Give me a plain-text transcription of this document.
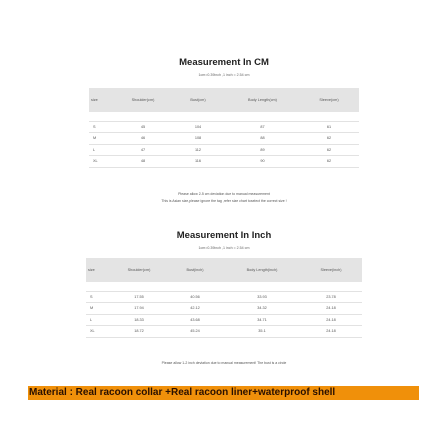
Measurement In CM
1cm=0.39inch ,1 inch = 2.54 cm
size	Shoulder(cm)	Bust(cm)	Body Length(cm)	Sleeve(cm)

S	45	104	87	61
M	46	108	88	62
L	47	112	89	62
XL	48	116	90	62
Please allow 2-5 cm deviation due to manual measurement
This is Asian size,please ignore the tag ,refer size chart toselect the correct size !
Measurement In Inch
1cm=0.39inch ,1 inch = 2.54 cm
size	Shoulder(cm)	Bust(inch)	Body Length(inch)	Sleeve(inch)

S	17.55	40.56	33.93	23.78
M	17.94	42.12	34.32	24.18
L	18.33	43.68	34.71	24.18
XL	18.72	45.24	35.1	24.18
Please allow 1-2 inch deviation due to manual measurement! The bust is a circle
Material : Real racoon collar +Real racoon liner+waterproof shell
